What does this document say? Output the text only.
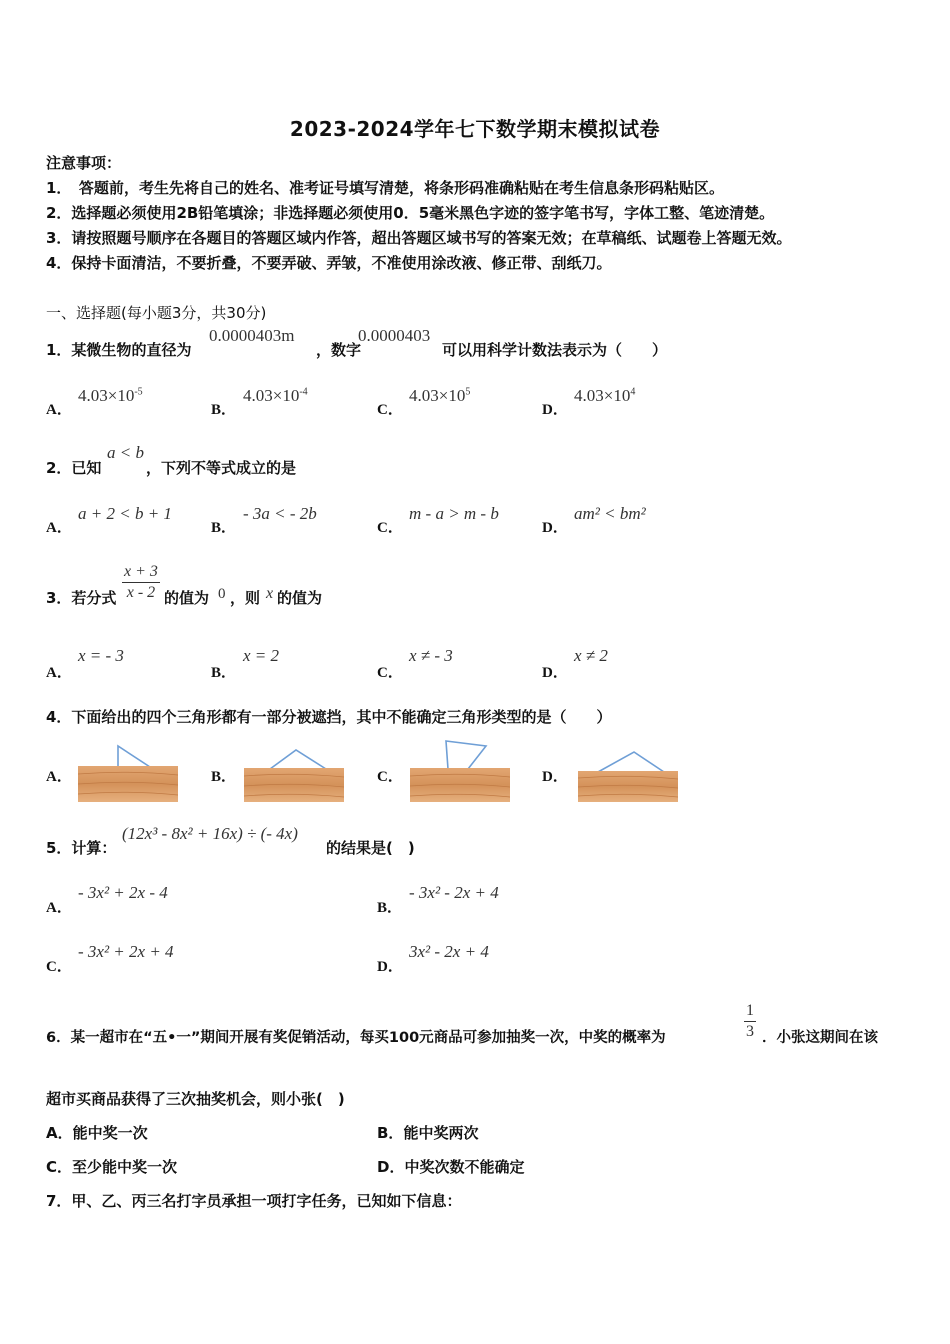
2023-2024学年七下数学期末模拟试卷
注意事项：
1．　答题前，考生先将自己的姓名、准考证号填写清楚，将条形码准确粘贴在考生信息条形码粘贴区。
2．选择题必须使用2B铅笔填涂；非选择题必须使用0．5毫米黑色字迹的签字笔书写，字体工整、笔迹清楚。
3．请按照题号顺序在各题目的答题区域内作答，超出答题区域书写的答案无效；在草稿纸、试题卷上答题无效。
4．保持卡面清洁，不要折叠，不要弄破、弄皱，不准使用涂改液、修正带、刮纸刀。
一、选择题(每小题3分，共30分)
1．某微生物的直径为
0.0000403m
，数字
0.0000403
可以用科学计数法表示为（　　）
A．
$4.03\times 10^{-5}$
B．
$4.03\times 10^{-4}$
C．
$4.03\times 10^5$
D．
$4.03\times 10^4$
2．已知
a < b
，下列不等式成立的是
A．
a + 2 < b + 1
B．
- 3a < - 2b
C．
m - a > m - b
D．
am² < bm²
3．若分式 $\frac{x + 3}{x - 2}$ 的值为 0 ，则 x 的值为
A．
x = - 3
B．
x = 2
C．
x ≠ - 3
D．
x ≠ 2
4．下面给出的四个三角形都有一部分被遮挡，其中不能确定三角形类型的是（　　）
A．	B．	C．	D．
5．计算：
(12x³ - 8x² + 16x) ÷ (- 4x)
的结果是(　)
A．
- 3x² + 2x - 4
B．
- 3x² - 2x + 4
C．
- 3x² + 2x + 4
D．
3x² - 2x + 4
6．某一超市在“五•一”期间开展有奖促销活动，每买100元商品可参加抽奖一次，中奖的概率为	$\frac{1}{3}$ ．小张这期间在该
超市买商品获得了三次抽奖机会，则小张(　)
A．能中奖一次	B．能中奖两次
C．至少能中奖一次	D．中奖次数不能确定
7．甲、乙、丙三名打字员承担一项打字任务，已知如下信息：
